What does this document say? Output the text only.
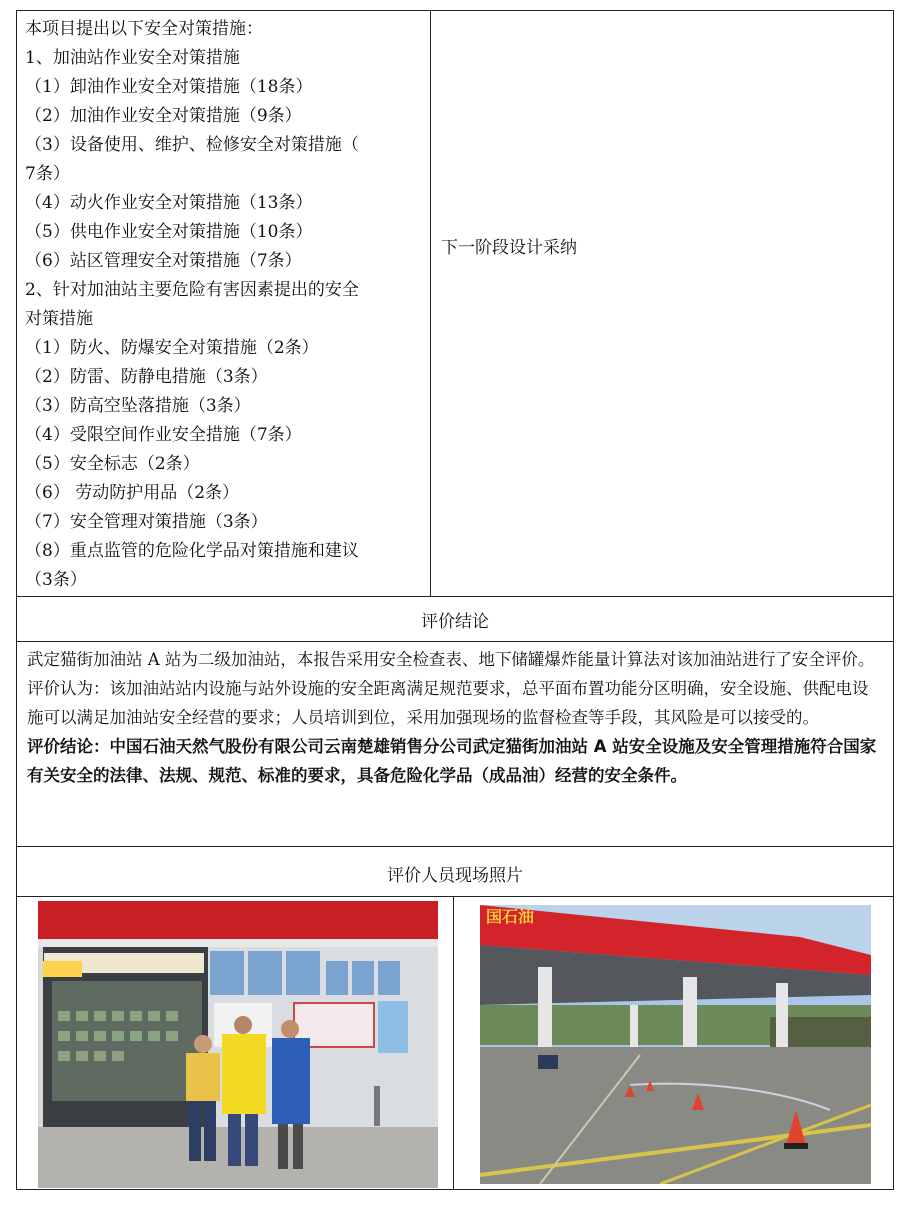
本项目提出以下安全对策措施：
1、加油站作业安全对策措施
（1）卸油作业安全对策措施（18条）
（2）加油作业安全对策措施（9条）
（3）设备使用、维护、检修安全对策措施（
7条）
（4）动火作业安全对策措施（13条）
（5）供电作业安全对策措施（10条）
（6）站区管理安全对策措施（7条）
2、针对加油站主要危险有害因素提出的安全
对策措施
（1）防火、防爆安全对策措施（2条）
（2）防雷、防静电措施（3条）
（3）防高空坠落措施（3条）
（4）受限空间作业安全措施（7条）
（5）安全标志（2条）
（6） 劳动防护用品（2条）
（7）安全管理对策措施（3条）
（8）重点监管的危险化学品对策措施和建议
（3条）
下一阶段设计采纳
评价结论
武定猫街加油站 A 站为二级加油站，本报告采用安全检查表、地下储罐爆炸能量计算法对该加油站进行了安全评价。评价认为：该加油站站内设施与站外设施的安全距离满足规范要求，总平面布置功能分区明确，安全设施、供配电设施可以满足加油站安全经营的要求；人员培训到位，采用加强现场的监督检查等手段，其风险是可以接受的。
评价结论：中国石油天然气股份有限公司云南楚雄销售分公司武定猫街加油站 A 站安全设施及安全管理措施符合国家有关安全的法律、法规、规范、标准的要求，具备危险化学品（成品油）经营的安全条件。
评价人员现场照片
国石油
